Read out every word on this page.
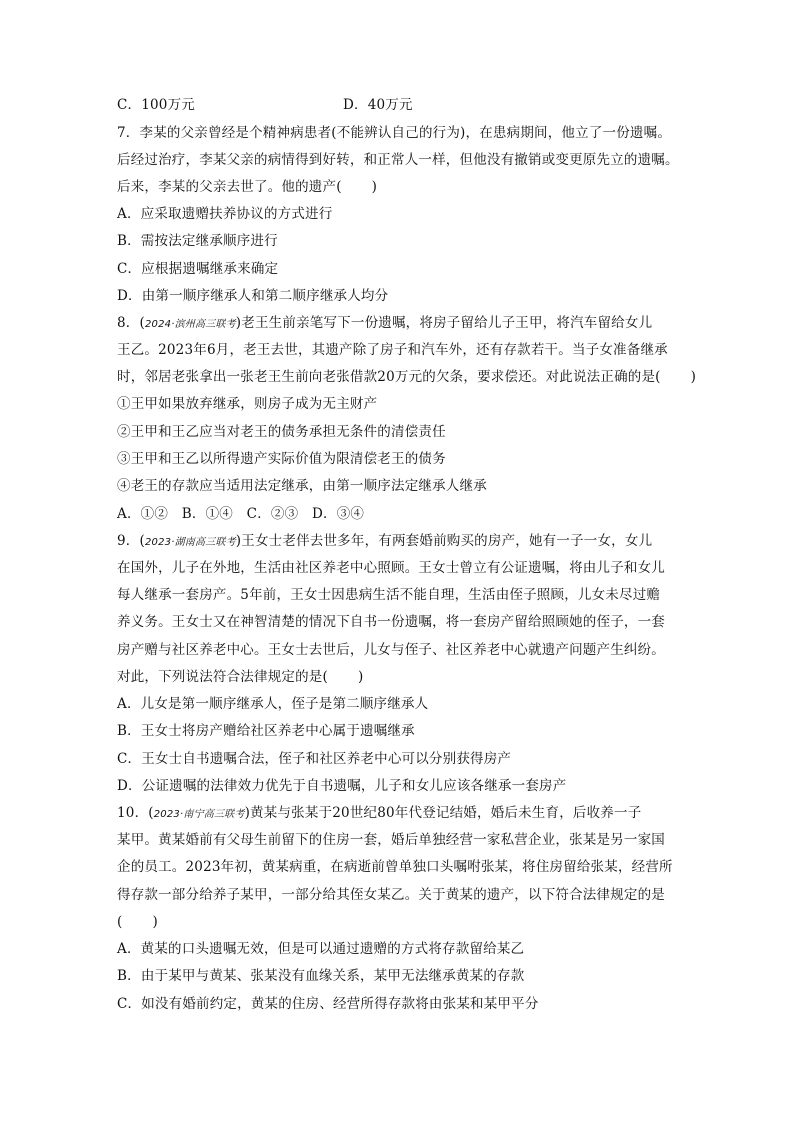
C．100万元	D．40万元
7．李某的父亲曾经是个精神病患者(不能辨认自己的行为)，在患病期间，他立了一份遗嘱。
后经过治疗，李某父亲的病情得到好转，和正常人一样，但他没有撤销或变更原先立的遗嘱。
后来，李某的父亲去世了。他的遗产( )
A．应采取遗赠扶养协议的方式进行
B．需按法定继承顺序进行
C．应根据遗嘱继承来确定
D．由第一顺序继承人和第二顺序继承人均分
8．(2024·滨州高三联考)老王生前亲笔写下一份遗嘱，将房子留给儿子王甲，将汽车留给女儿
王乙。2023年6月，老王去世，其遗产除了房子和汽车外，还有存款若干。当子女准备继承
时，邻居老张拿出一张老王生前向老张借款20万元的欠条，要求偿还。对此说法正确的是( )
①王甲如果放弃继承，则房子成为无主财产
②王甲和王乙应当对老王的债务承担无条件的清偿责任
③王甲和王乙以所得遗产实际价值为限清偿老王的债务
④老王的存款应当适用法定继承，由第一顺序法定继承人继承
A．①②　B．①④　C．②③　D．③④
9．(2023·湖南高三联考)王女士老伴去世多年，有两套婚前购买的房产，她有一子一女，女儿
在国外，儿子在外地，生活由社区养老中心照顾。王女士曾立有公证遗嘱，将由儿子和女儿
每人继承一套房产。5年前，王女士因患病生活不能自理，生活由侄子照顾，儿女未尽过赡
养义务。王女士又在神智清楚的情况下自书一份遗嘱，将一套房产留给照顾她的侄子，一套
房产赠与社区养老中心。王女士去世后，儿女与侄子、社区养老中心就遗产问题产生纠纷。
对此，下列说法符合法律规定的是( )
A．儿女是第一顺序继承人，侄子是第二顺序继承人
B．王女士将房产赠给社区养老中心属于遗嘱继承
C．王女士自书遗嘱合法，侄子和社区养老中心可以分别获得房产
D．公证遗嘱的法律效力优先于自书遗嘱，儿子和女儿应该各继承一套房产
10．(2023·南宁高三联考)黄某与张某于20世纪80年代登记结婚，婚后未生育，后收养一子
某甲。黄某婚前有父母生前留下的住房一套，婚后单独经营一家私营企业，张某是另一家国
企的员工。2023年初，黄某病重，在病逝前曾单独口头嘱咐张某，将住房留给张某，经营所
得存款一部分给养子某甲，一部分给其侄女某乙。关于黄某的遗产，以下符合法律规定的是
( )
A．黄某的口头遗嘱无效，但是可以通过遗赠的方式将存款留给某乙
B．由于某甲与黄某、张某没有血缘关系，某甲无法继承黄某的存款
C．如没有婚前约定，黄某的住房、经营所得存款将由张某和某甲平分
